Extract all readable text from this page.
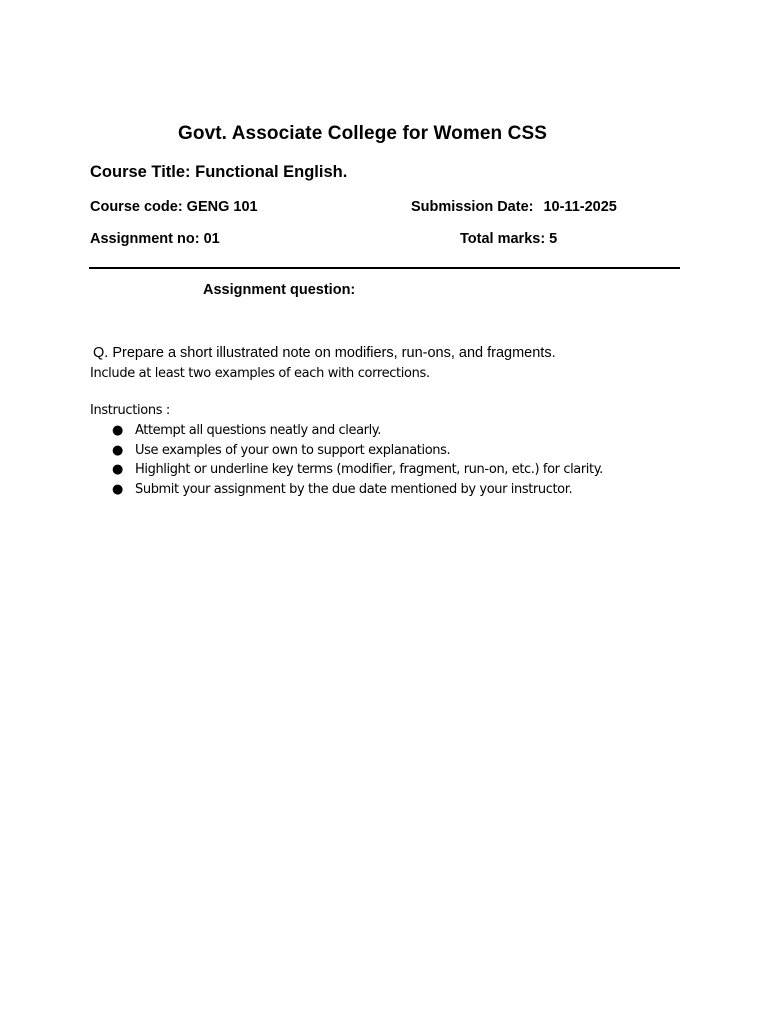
Govt. Associate College for Women CSS
Course Title: Functional English.
Course code: GENG 101	Submission Date: 10-11-2025
Assignment no: 01	Total marks: 5
Assignment question:
Q. Prepare a short illustrated note on modifiers, run-ons, and fragments.
Include at least two examples of each with corrections.
Instructions :
● Attempt all questions neatly and clearly.
● Use examples of your own to support explanations.
● Highlight or underline key terms (modifier, fragment, run-on, etc.) for clarity.
● Submit your assignment by the due date mentioned by your instructor.
